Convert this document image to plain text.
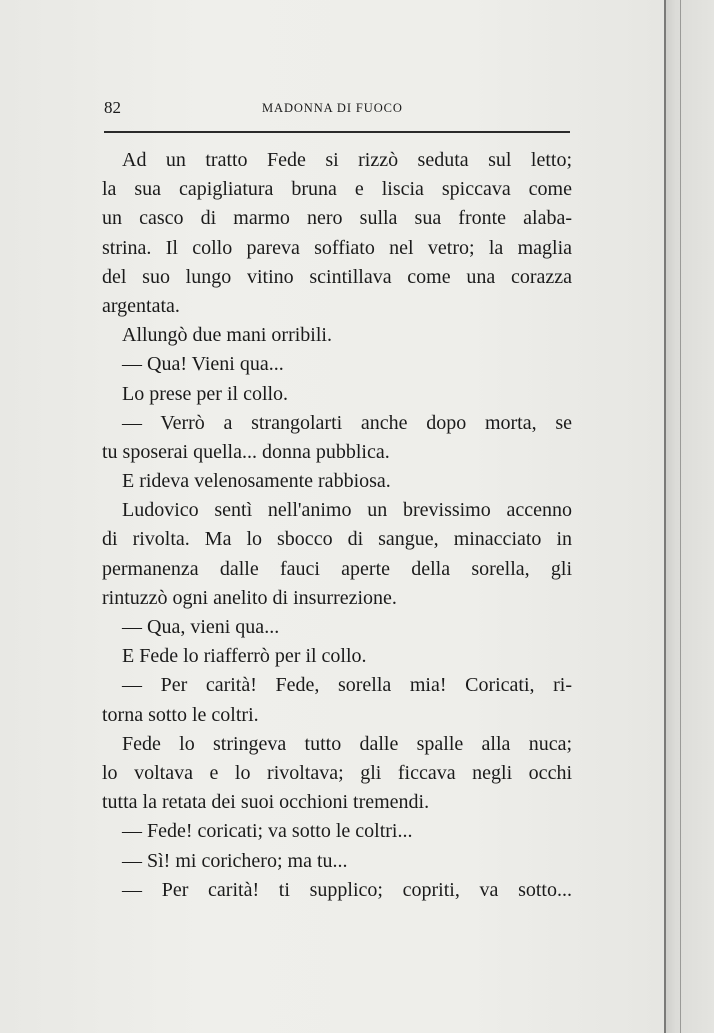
82	MADONNA DI FUOCO
Ad un tratto Fede si rizzò seduta sul letto;
la sua capigliatura bruna e liscia spiccava come
un casco di marmo nero sulla sua fronte alaba-
strina. Il collo pareva soffiato nel vetro; la maglia
del suo lungo vitino scintillava come una corazza
argentata.
Allungò due mani orribili.
— Qua! Vieni qua...
Lo prese per il collo.
— Verrò a strangolarti anche dopo morta, se
tu sposerai quella... donna pubblica.
E rideva velenosamente rabbiosa.
Ludovico sentì nell'animo un brevissimo accenno
di rivolta. Ma lo sbocco di sangue, minacciato in
permanenza dalle fauci aperte della sorella, gli
rintuzzò ogni anelito di insurrezione.
— Qua, vieni qua...
E Fede lo riafferrò per il collo.
— Per carità! Fede, sorella mia! Coricati, ri-
torna sotto le coltri.
Fede lo stringeva tutto dalle spalle alla nuca;
lo voltava e lo rivoltava; gli ficcava negli occhi
tutta la retata dei suoi occhioni tremendi.
— Fede! coricati; va sotto le coltri...
— Sì! mi corichero; ma tu...
— Per carità! ti supplico; copriti, va sotto...
